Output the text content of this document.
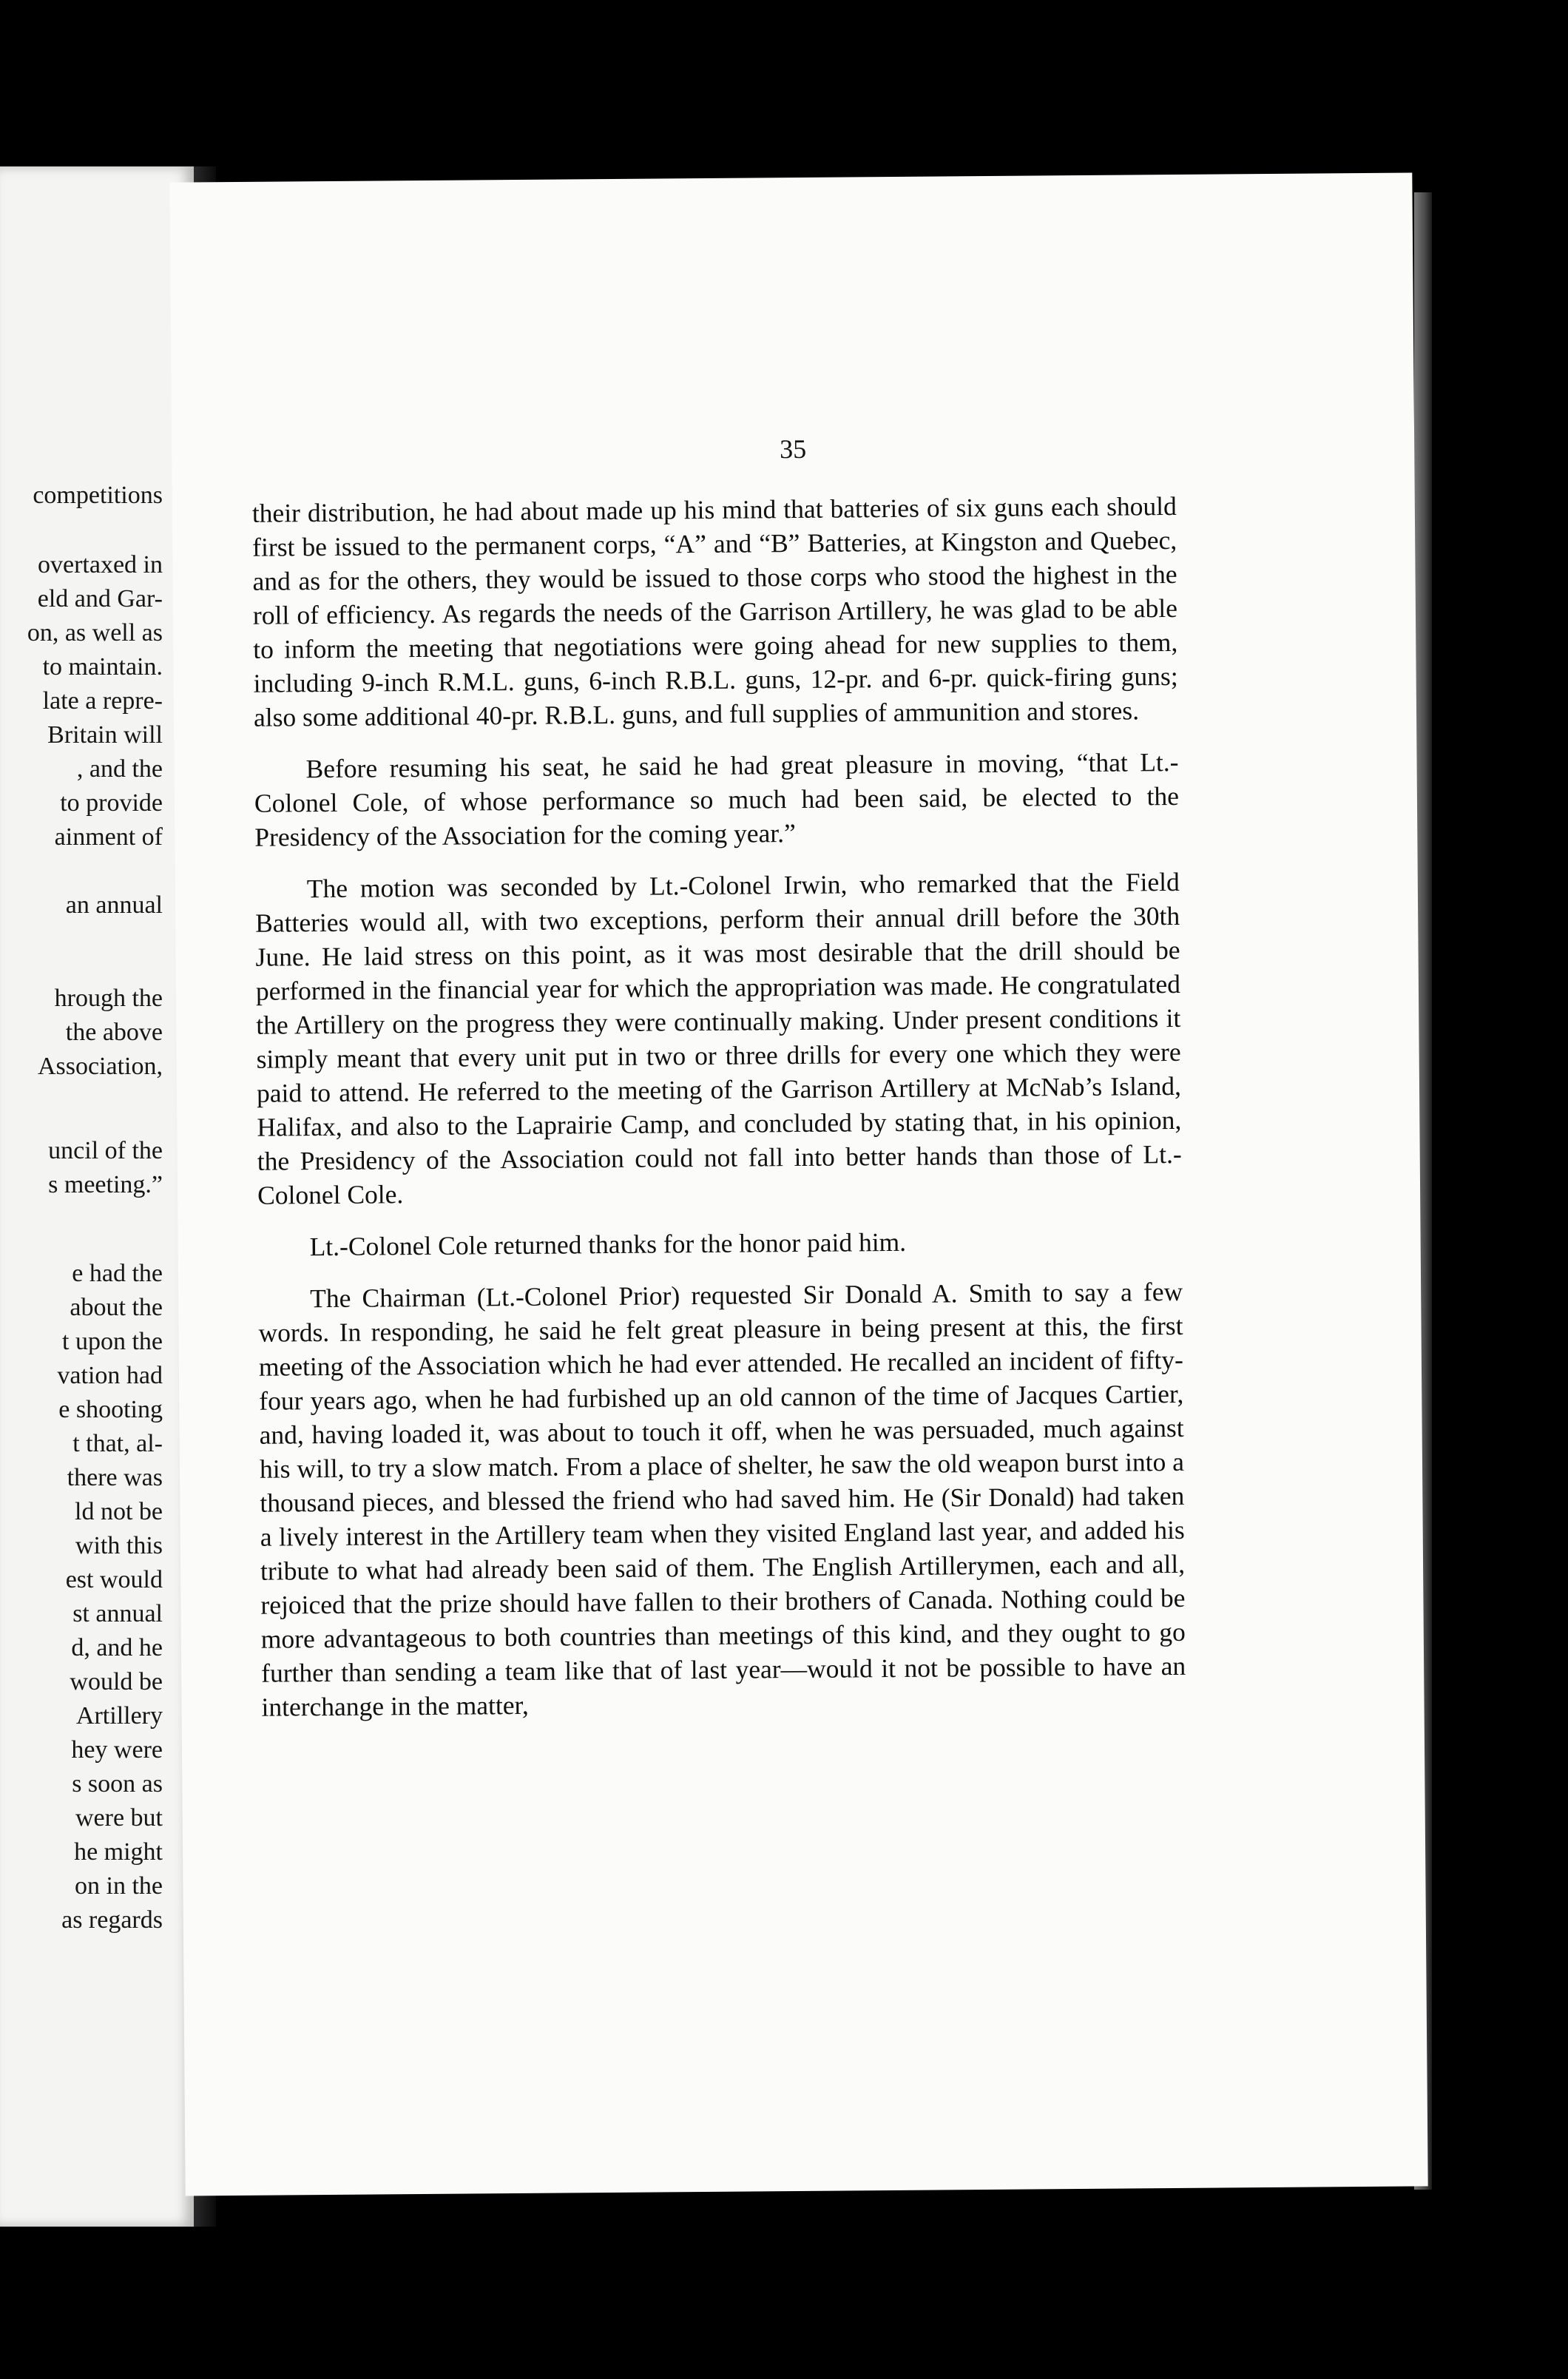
competitions
overtaxed in
eld and Gar-
on, as well as
to maintain.
late a repre-
Britain will
, and the
to provide
ainment of
an annual
hrough the
the above
Association,
uncil of the
s meeting.”
e had the
about the
t upon the
vation had
e shooting
t that, al-
there was
ld not be
with this
est would
st annual
d, and he
would be
Artillery
hey were
s soon as
were but
he might
on in the
as regards
35

their distribution, he had about made up his mind that batteries of six guns each should first be issued to the permanent corps, “A” and “B” Batteries, at Kingston and Quebec, and as for the others, they would be issued to those corps who stood the highest in the roll of efficiency. As regards the needs of the Garrison Artillery, he was glad to be able to inform the meeting that negotiations were going ahead for new supplies to them, including 9-inch R.M.L. guns, 6-inch R.B.L. guns, 12-pr. and 6-pr. quick-firing guns; also some additional 40-pr. R.B.L. guns, and full supplies of ammunition and stores.

Before resuming his seat, he said he had great pleasure in moving, “that Lt.-Colonel Cole, of whose performance so much had been said, be elected to the Presidency of the Association for the coming year.”

The motion was seconded by Lt.-Colonel Irwin, who remarked that the Field Batteries would all, with two exceptions, perform their annual drill before the 30th June. He laid stress on this point, as it was most desirable that the drill should be performed in the financial year for which the appropriation was made. He congratulated the Artillery on the progress they were continually making. Under present conditions it simply meant that every unit put in two or three drills for every one which they were paid to attend. He referred to the meeting of the Garrison Artillery at McNab’s Island, Halifax, and also to the Laprairie Camp, and concluded by stating that, in his opinion, the Presidency of the Association could not fall into better hands than those of Lt.-Colonel Cole.

Lt.-Colonel Cole returned thanks for the honor paid him.

The Chairman (Lt.-Colonel Prior) requested Sir Donald A. Smith to say a few words. In responding, he said he felt great pleasure in being present at this, the first meeting of the Association which he had ever attended. He recalled an incident of fifty-four years ago, when he had furbished up an old cannon of the time of Jacques Cartier, and, having loaded it, was about to touch it off, when he was persuaded, much against his will, to try a slow match. From a place of shelter, he saw the old weapon burst into a thousand pieces, and blessed the friend who had saved him. He (Sir Donald) had taken a lively interest in the Artillery team when they visited England last year, and added his tribute to what had already been said of them. The English Artillerymen, each and all, rejoiced that the prize should have fallen to their brothers of Canada. Nothing could be more advantageous to both countries than meetings of this kind, and they ought to go further than sending a team like that of last year—would it not be possible to have an interchange in the matter,
